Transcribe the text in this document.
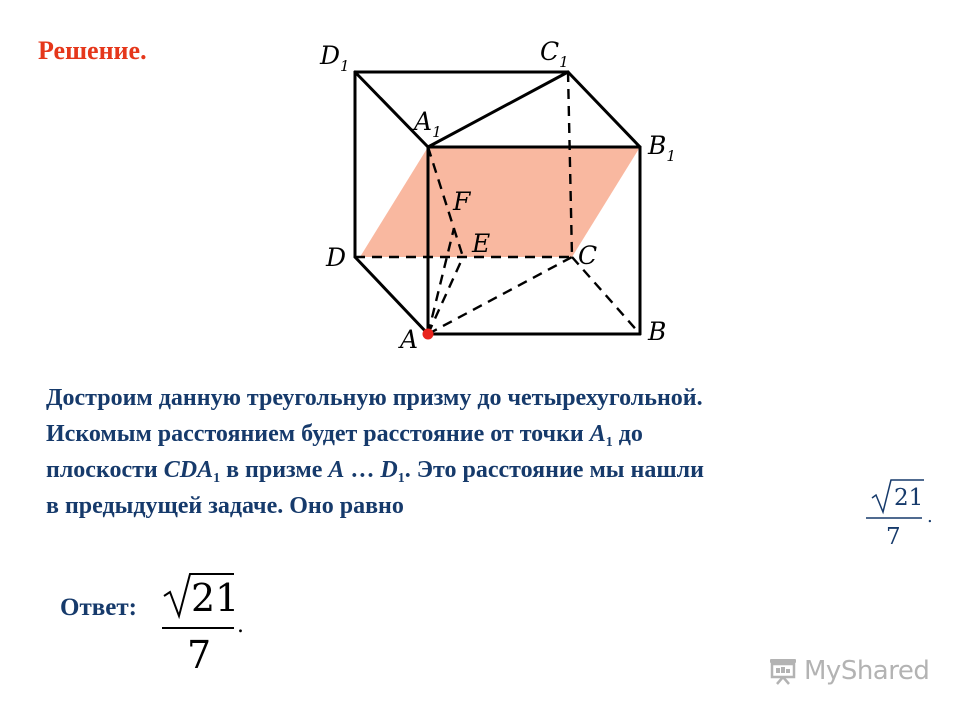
Решение.	$D_1$	$C_1$
$A_1$	$B_1$
D	C
A	B
E
F

Достроим данную треугольную призму до четырехугольной.

Искомым расстоянием будет расстояние от точки $A_1$ до

плоскости $CDA_1$ в призме A … $D_1$. Это расстояние мы нашли

в предыдущей задаче. Оно равно	21
7
.
Ответ: 21
7
.
MyShared
